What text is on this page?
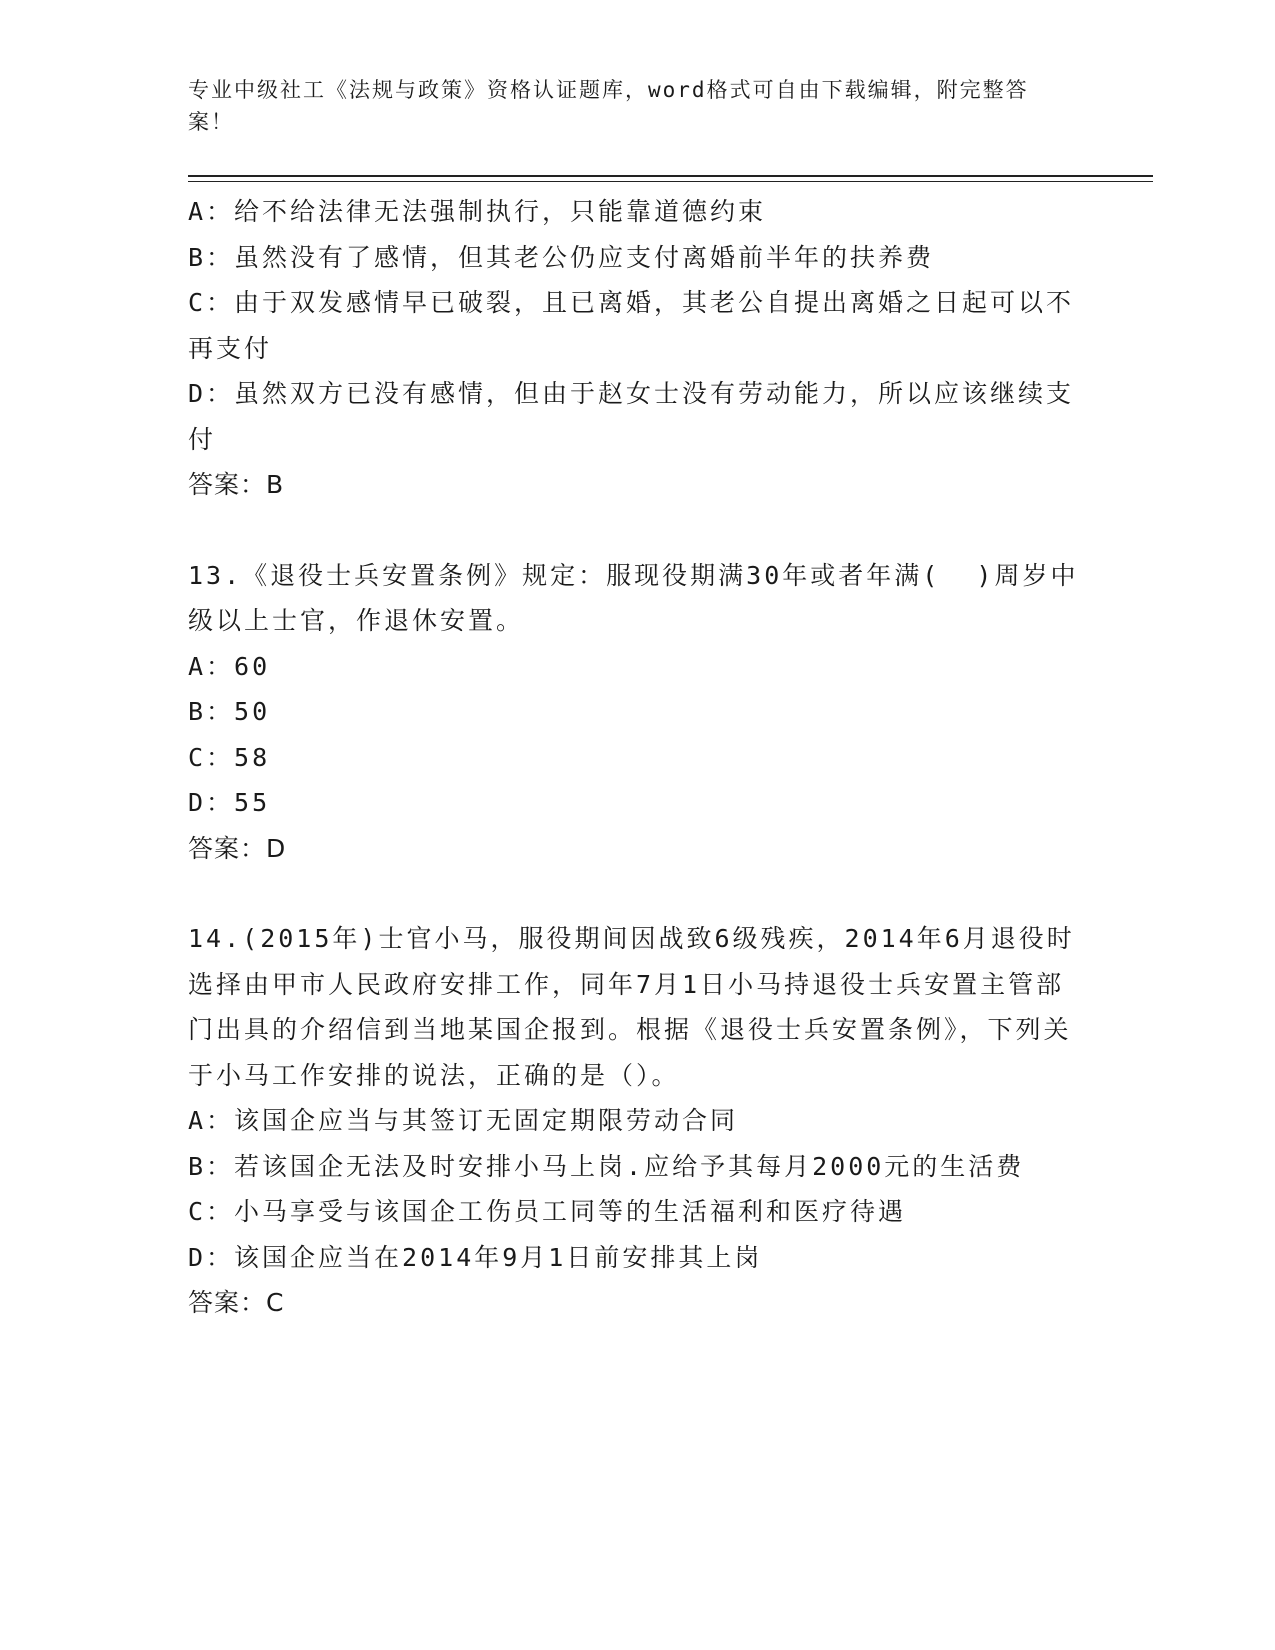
专业中级社工《法规与政策》资格认证题库，word格式可自由下载编辑，附完整答案！
A：给不给法律无法强制执行，只能靠道德约束
B：虽然没有了感情，但其老公仍应支付离婚前半年的扶养费
C：由于双发感情早已破裂，且已离婚，其老公自提出离婚之日起可以不再支付
D：虽然双方已没有感情，但由于赵女士没有劳动能力，所以应该继续支付
答案：B
13.《退役士兵安置条例》规定：服现役期满30年或者年满(  )周岁中级以上士官，作退休安置。
A：60
B：50
C：58
D：55
答案：D
14.(2015年)士官小马，服役期间因战致6级残疾，2014年6月退役时选择由甲市人民政府安排工作，同年7月1日小马持退役士兵安置主管部门出具的介绍信到当地某国企报到。根据《退役士兵安置条例》，下列关于小马工作安排的说法，正确的是（）。
A：该国企应当与其签订无固定期限劳动合同
B：若该国企无法及时安排小马上岗.应给予其每月2000元的生活费
C：小马享受与该国企工伤员工同等的生活福利和医疗待遇
D：该国企应当在2014年9月1日前安排其上岗
答案：C
